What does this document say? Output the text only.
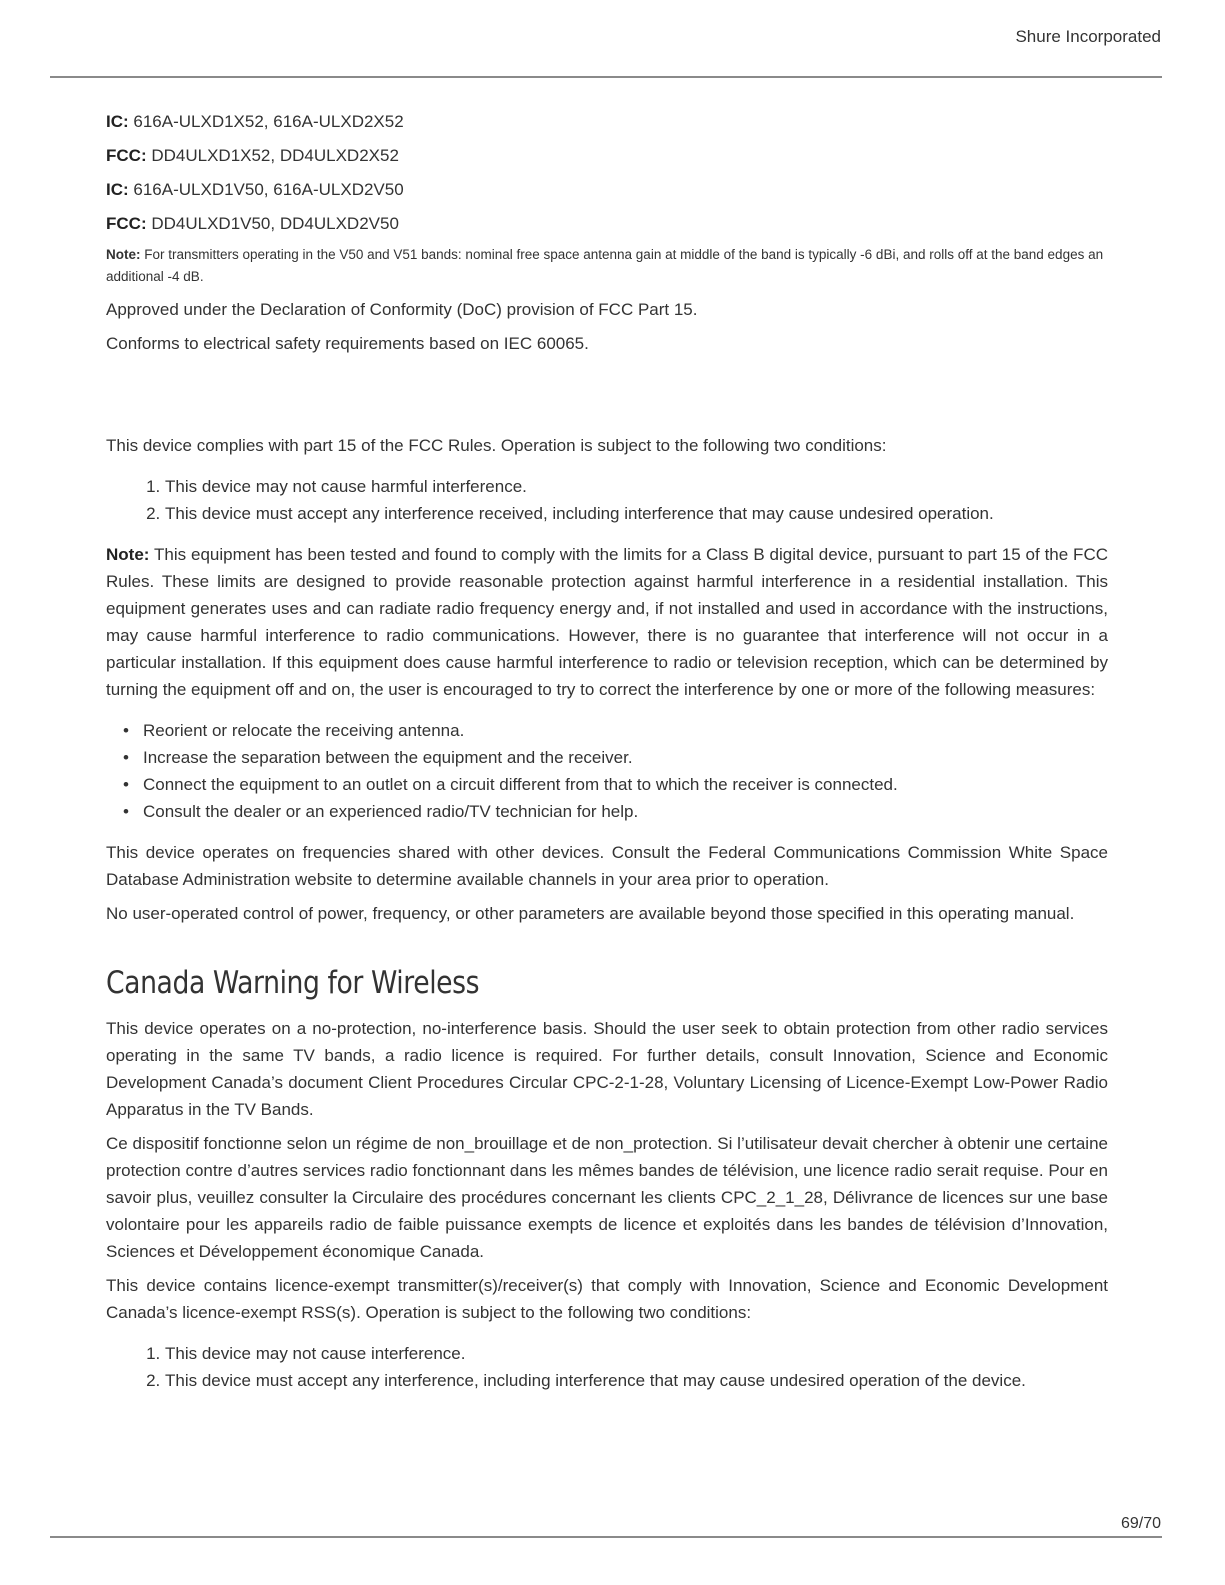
Shure Incorporated

IC: 616A-ULXD1X52, 616A-ULXD2X52

FCC: DD4ULXD1X52, DD4ULXD2X52

IC: 616A-ULXD1V50, 616A-ULXD2V50

FCC: DD4ULXD1V50, DD4ULXD2V50

Note: For transmitters operating in the V50 and V51 bands: nominal free space antenna gain at middle of the band is typically -6 dBi, and rolls off at the band edges an additional -4 dB.

Approved under the Declaration of Conformity (DoC) provision of FCC Part 15.

Conforms to electrical safety requirements based on IEC 60065.

This device complies with part 15 of the FCC Rules. Operation is subject to the following two conditions:

1. This device may not cause harmful interference.
2. This device must accept any interference received, including interference that may cause undesired operation.

Note: This equipment has been tested and found to comply with the limits for a Class B digital device, pursuant to part 15 of the FCC Rules. These limits are designed to provide reasonable protection against harmful interference in a residential installation. This equipment generates uses and can radiate radio frequency energy and, if not installed and used in accordance with the instructions, may cause harmful interference to radio communications. However, there is no guarantee that interference will not occur in a particular installation. If this equipment does cause harmful interference to radio or television reception, which can be determined by turning the equipment off and on, the user is encouraged to try to correct the interference by one or more of the following measures:

• Reorient or relocate the receiving antenna.
• Increase the separation between the equipment and the receiver.
• Connect the equipment to an outlet on a circuit different from that to which the receiver is connected.
• Consult the dealer or an experienced radio/TV technician for help.

This device operates on frequencies shared with other devices. Consult the Federal Communications Commission White Space Database Administration website to determine available channels in your area prior to operation.

No user-operated control of power, frequency, or other parameters are available beyond those specified in this operating manual.

Canada Warning for Wireless

This device operates on a no-protection, no-interference basis. Should the user seek to obtain protection from other radio services operating in the same TV bands, a radio licence is required. For further details, consult Innovation, Science and Economic Development Canada’s document Client Procedures Circular CPC-2-1-28, Voluntary Licensing of Licence-Exempt Low-Power Radio Apparatus in the TV Bands.

Ce dispositif fonctionne selon un régime de non_brouillage et de non_protection. Si l’utilisateur devait chercher à obtenir une certaine protection contre d’autres services radio fonctionnant dans les mêmes bandes de télévision, une licence radio serait requise. Pour en savoir plus, veuillez consulter la Circulaire des procédures concernant les clients CPC_2_1_28, Délivrance de licences sur une base volontaire pour les appareils radio de faible puissance exempts de licence et exploités dans les bandes de télévision d’Innovation, Sciences et Développement économique Canada.

This device contains licence-exempt transmitter(s)/receiver(s) that comply with Innovation, Science and Economic Development Canada’s licence-exempt RSS(s). Operation is subject to the following two conditions:

1. This device may not cause interference.
2. This device must accept any interference, including interference that may cause undesired operation of the device.
69/70
